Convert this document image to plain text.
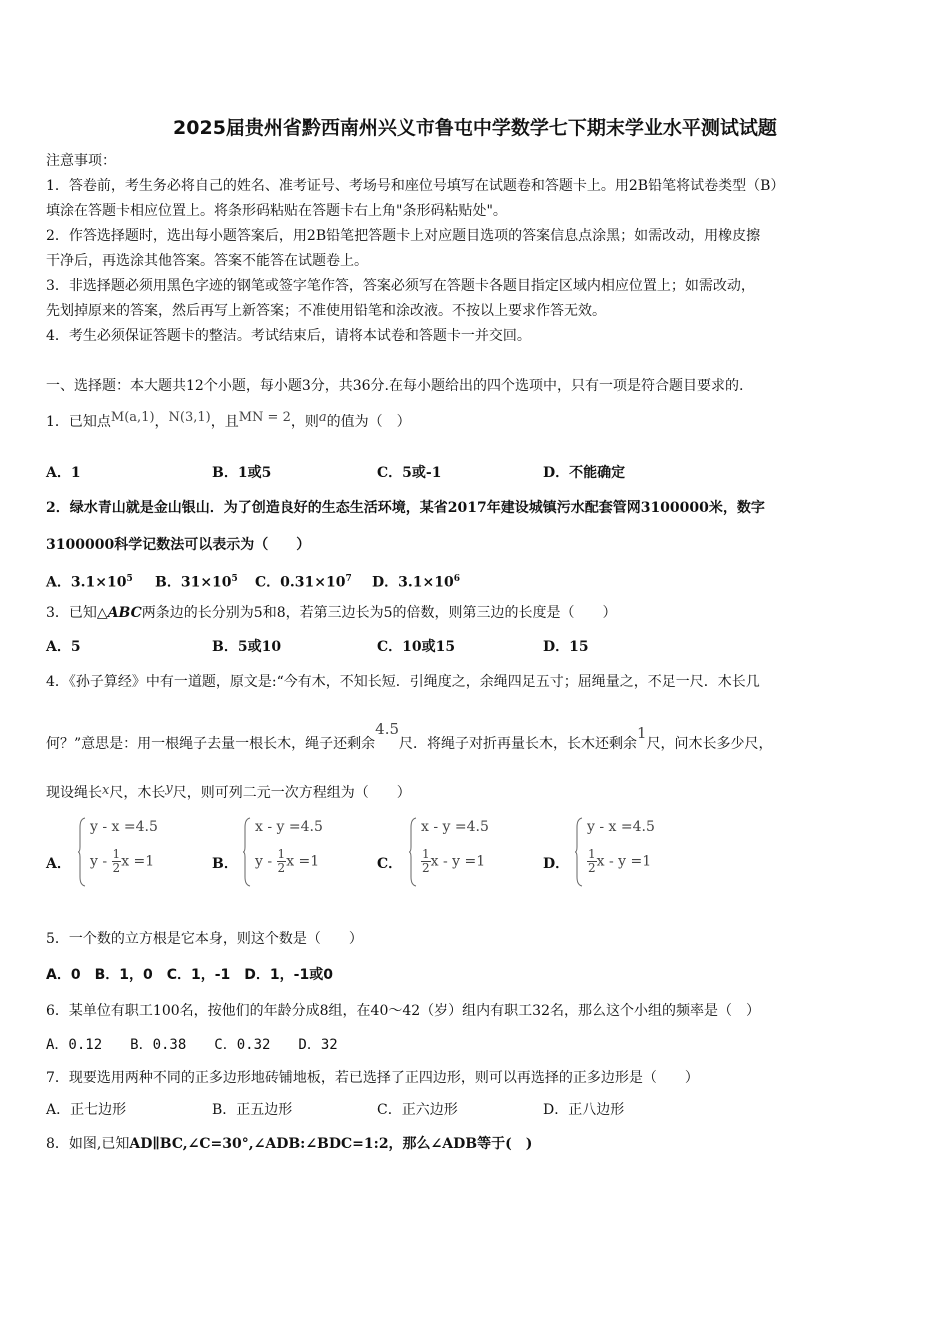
2025届贵州省黔西南州兴义市鲁屯中学数学七下期末学业水平测试试题
注意事项：
1．答卷前，考生务必将自己的姓名、准考证号、考场号和座位号填写在试题卷和答题卡上。用2B铅笔将试卷类型（B）
填涂在答题卡相应位置上。将条形码粘贴在答题卡右上角"条形码粘贴处"。
2．作答选择题时，选出每小题答案后，用2B铅笔把答题卡上对应题目选项的答案信息点涂黑；如需改动，用橡皮擦
干净后，再选涂其他答案。答案不能答在试题卷上。
3．非选择题必须用黑色字迹的钢笔或签字笔作答，答案必须写在答题卡各题目指定区域内相应位置上；如需改动，
先划掉原来的答案，然后再写上新答案；不准使用铅笔和涂改液。不按以上要求作答无效。
4．考生必须保证答题卡的整洁。考试结束后，请将本试卷和答题卡一并交回。
一、选择题：本大题共12个小题，每小题3分，共36分.在每小题给出的四个选项中，只有一项是符合题目要求的.
1．已知点M(a,1)，N(3,1)，且MN = 2，则a的值为（　）
A．1	B．1或5	C．5或-1	D．不能确定
2．绿水青山就是金山银山．为了创造良好的生态生活环境，某省2017年建设城镇污水配套管网3100000米，数字
3100000科学记数法可以表示为（　　）
A．$3.1\times 10^5$ B．$31\times 10^5$ C．$0.31\times 10^7$ D．$3.1\times 10^6$
3．已知△ABC两条边的长分别为5和8，若第三边长为5的倍数，则第三边的长度是（　　）
A．5	B．5或10	C．10或15	D．15
4．《孙子算经》中有一道题，原文是:“今有木，不知长短．引绳度之，余绳四足五寸；屈绳量之，不足一尺．木长几
何？”意思是：用一根绳子去量一根长木，绳子还剩余4.5尺．将绳子对折再量长木，长木还剩余1尺，问木长多少尺，
现设绳长x尺，木长y尺，则可列二元一次方程组为（　　）
A．
y - x =4.5
y - $\frac{1}{2}$ x =1	B．
x - y =4.5
y - $\frac{1}{2}$ x =1	C．
x - y =4.5
$\frac{1}{2}$ x - y =1	D．
y - x =4.5
$\frac{1}{2}$ x - y =1
5．一个数的立方根是它本身，则这个数是（　　）
A．0　B．1，0　C．1，-1　D．1，-1或0
6．某单位有职工100名，按他们的年龄分成8组，在40～42（岁）组内有职工32名，那么这个小组的频率是（　）
A．0.12　　B．0.38　　C．0.32　　D．32
7．现要选用两种不同的正多边形地砖铺地板，若已选择了正四边形，则可以再选择的正多边形是（　　）
A．正七边形	B．正五边形	C．正六边形	D．正八边形
8．如图,已知AD∥BC,∠C=30°,∠ADB:∠BDC=1:2，那么∠ADB等于(　)
